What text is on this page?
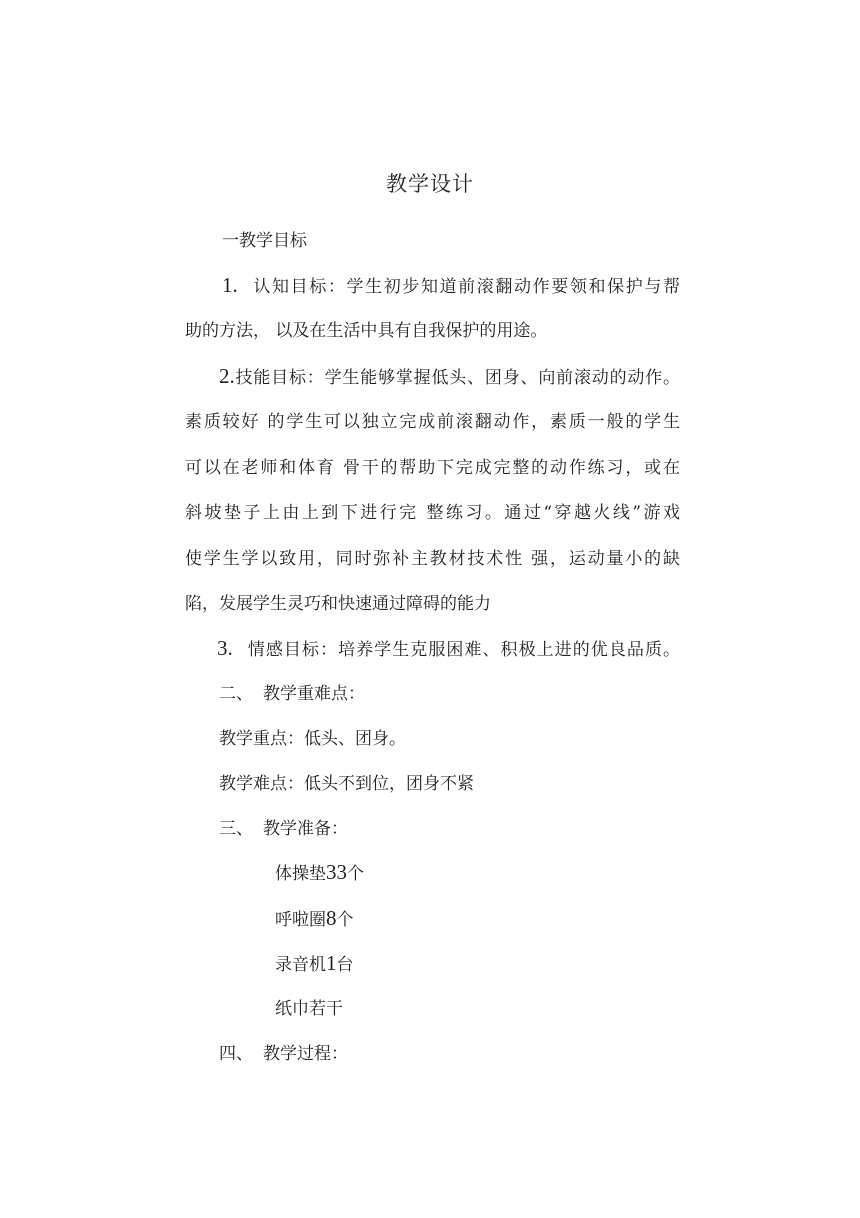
教学设计
一教学目标
1. 认知目标：学生初步知道前滚翻动作要领和保护与帮
助的方法， 以及在生活中具有自我保护的用途。
2.技能目标：学生能够掌握低头、团身、向前滚动的动作。
素质较好 的学生可以独立完成前滚翻动作，素质一般的学生
可以在老师和体育 骨干的帮助下完成完整的动作练习，或在
斜坡垫子上由上到下进行完 整练习。通过“穿越火线”游戏
使学生学以致用，同时弥补主教材技术性 强，运动量小的缺
陷，发展学生灵巧和快速通过障碍的能力
3. 情感目标：培养学生克服困难、积极上进的优良品质。
二、 教学重难点：
教学重点：低头、团身。
教学难点：低头不到位，团身不紧
三、 教学准备：
体操垫33个
呼啦圈8个
录音机1台
纸巾若干
四、 教学过程：
